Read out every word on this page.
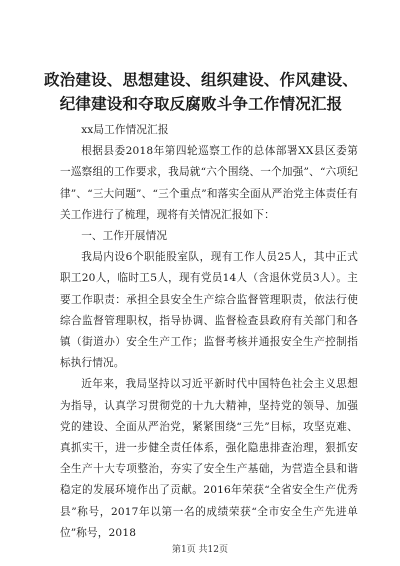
政治建设、思想建设、组织建设、作风建设、
纪律建设和夺取反腐败斗争工作情况汇报

xx局工作情况汇报

根据县委2018年第四轮巡察工作的总体部署XX县区委第一巡察组的工作要求，我局就“六个围绕、一个加强”、“六项纪律”、“三大问题”、“三个重点”和落实全面从严治党主体责任有关工作进行了梳理，现将有关情况汇报如下：

一、工作开展情况

我局内设6个职能股室队，现有工作人员25人，其中正式职工20人，临时工5人，现有党员14人（含退休党员3人）。主要工作职责：承担全县安全生产综合监督管理职责，依法行使综合监督管理职权，指导协调、监督检查县政府有关部门和各镇（街道办）安全生产工作；监督考核并通报安全生产控制指标执行情况。

近年来，我局坚持以习近平新时代中国特色社会主义思想为指导，认真学习贯彻党的十九大精神，坚持党的领导、加强党的建设、全面从严治党，紧紧围绕“三先”目标，攻坚克难、真抓实干，进一步健全责任体系，强化隐患排查治理，狠抓安全生产十大专项整治，夯实了安全生产基础，为营造全县和谐稳定的发展环境作出了贡献。2016年荣获“全省安全生产优秀县”称号，2017年以第一名的成绩荣获“全市安全生产先进单位”称号，2018

第1页 共12页
